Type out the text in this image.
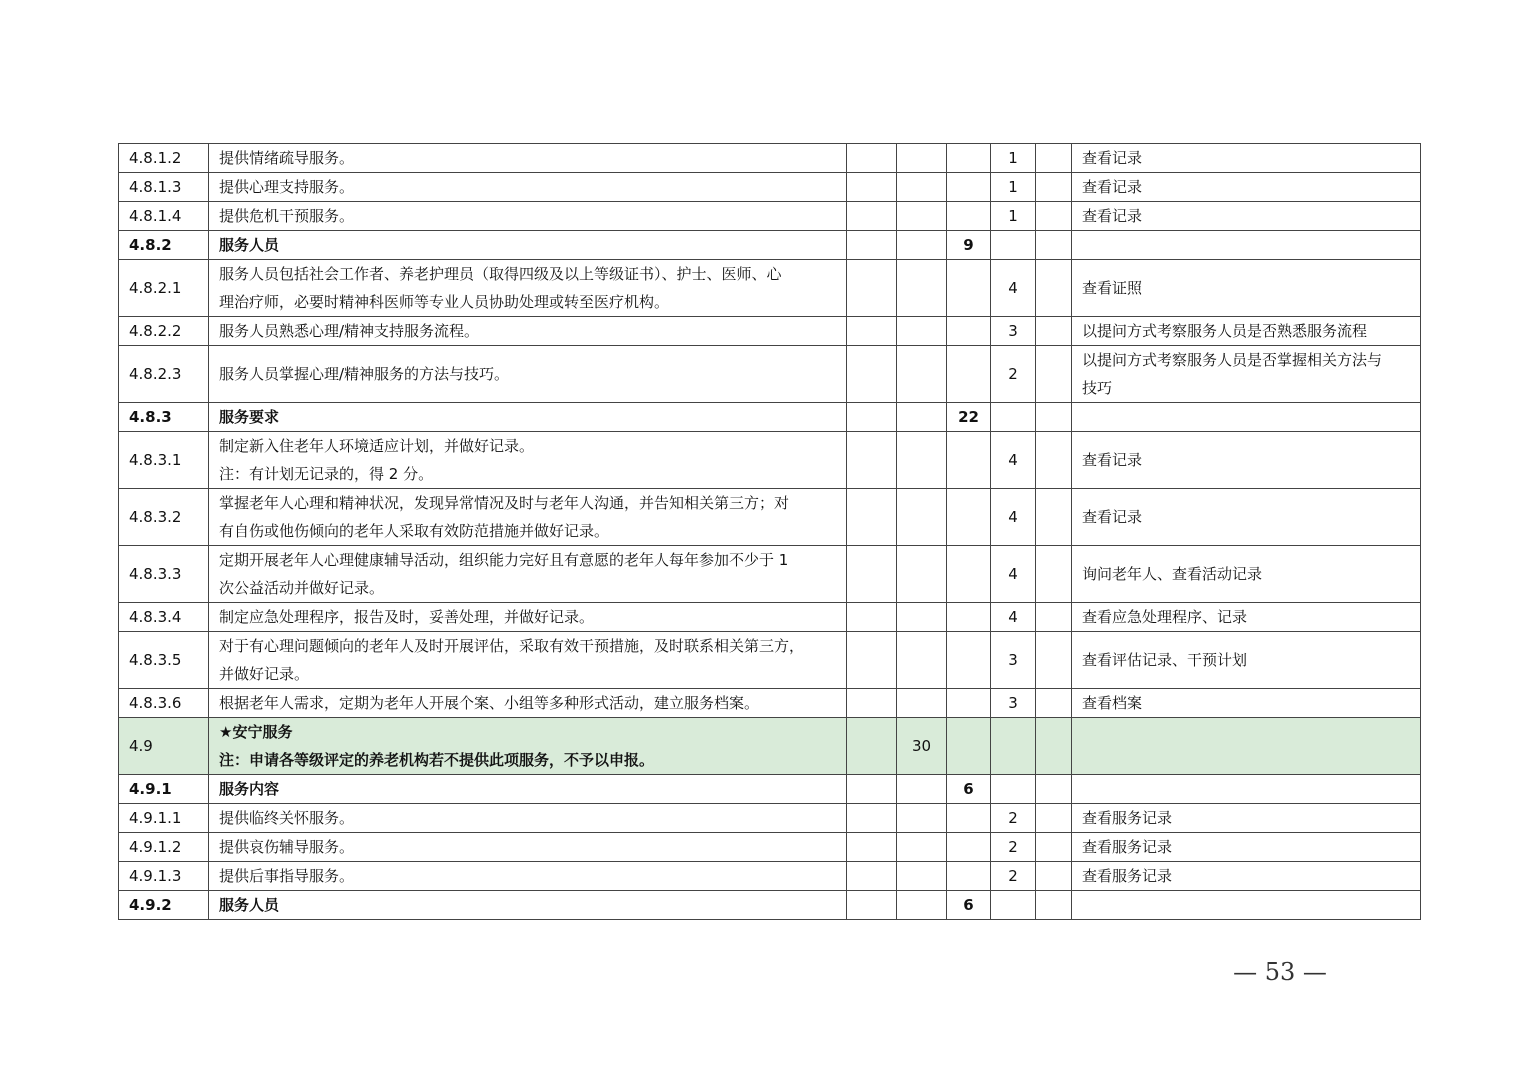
4.8.1.2	提供情绪疏导服务。				1		查看记录

4.8.1.3	提供心理支持服务。				1		查看记录

4.8.1.4	提供危机干预服务。				1		查看记录

4.8.2	服务人员			9			

4.8.2.1	服务人员包括社会工作者、养老护理员（取得四级及以上等级证书）、护士、医师、心
理治疗师，必要时精神科医师等专业人员协助处理或转至医疗机构。				4		查看证照

4.8.2.2	服务人员熟悉心理/精神支持服务流程。				3		以提问方式考察服务人员是否熟悉服务流程

4.8.2.3	服务人员掌握心理/精神服务的方法与技巧。				2		以提问方式考察服务人员是否掌握相关方法与
技巧

4.8.3	服务要求			22			

4.8.3.1	制定新入住老年人环境适应计划，并做好记录。
注：有计划无记录的，得 2 分。				4		查看记录

4.8.3.2	掌握老年人心理和精神状况，发现异常情况及时与老年人沟通，并告知相关第三方；对
有自伤或他伤倾向的老年人采取有效防范措施并做好记录。				4		查看记录

4.8.3.3	定期开展老年人心理健康辅导活动，组织能力完好且有意愿的老年人每年参加不少于 1
次公益活动并做好记录。				4		询问老年人、查看活动记录

4.8.3.4	制定应急处理程序，报告及时，妥善处理，并做好记录。				4		查看应急处理程序、记录

4.8.3.5	对于有心理问题倾向的老年人及时开展评估，采取有效干预措施，及时联系相关第三方，
并做好记录。				3		查看评估记录、干预计划

4.8.3.6	根据老年人需求，定期为老年人开展个案、小组等多种形式活动，建立服务档案。				3		查看档案

4.9	★安宁服务
注：申请各等级评定的养老机构若不提供此项服务，不予以申报。		30				

4.9.1	服务内容			6			

4.9.1.1	提供临终关怀服务。				2		查看服务记录

4.9.1.2	提供哀伤辅导服务。				2		查看服务记录

4.9.1.3	提供后事指导服务。				2		查看服务记录

4.9.2	服务人员			6			
— 53 —
